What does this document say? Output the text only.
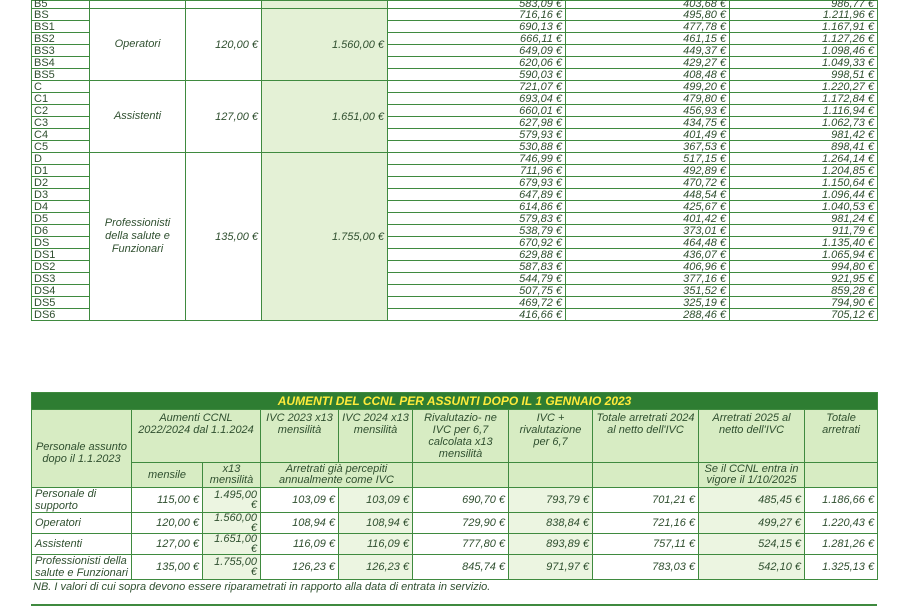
B5				583,09 €	403,68 €	986,77 €
BS	Operatori	120,00 €	1.560,00 €	716,16 €	495,80 €	1.211,96 €
BS1				690,13 €	477,78 €	1.167,91 €
BS2				666,11 €	461,15 €	1.127,26 €
BS3				649,09 €	449,37 €	1.098,46 €
BS4				620,06 €	429,27 €	1.049,33 €
BS5				590,03 €	408,48 €	998,51 €
C	Assistenti	127,00 €	1.651,00 €	721,07 €	499,20 €	1.220,27 €
C1				693,04 €	479,80 €	1.172,84 €
C2				660,01 €	456,93 €	1.116,94 €
C3				627,98 €	434,75 €	1.062,73 €
C4				579,93 €	401,49 €	981,42 €
C5				530,88 €	367,53 €	898,41 €
D	Professionisti della salute e Funzionari	135,00 €	1.755,00 €	746,99 €	517,15 €	1.264,14 €
D1				711,96 €	492,89 €	1.204,85 €
D2				679,93 €	470,72 €	1.150,64 €
D3				647,89 €	448,54 €	1.096,44 €
D4				614,86 €	425,67 €	1.040,53 €
D5				579,83 €	401,42 €	981,24 €
D6				538,79 €	373,01 €	911,79 €
DS				670,92 €	464,48 €	1.135,40 €
DS1				629,88 €	436,07 €	1.065,94 €
DS2				587,83 €	406,96 €	994,80 €
DS3				544,79 €	377,16 €	921,95 €
DS4				507,75 €	351,52 €	859,28 €
DS5				469,72 €	325,19 €	794,90 €
DS6				416,66 €	288,46 €	705,12 €
AUMENTI DEL CCNL PER ASSUNTI DOPO IL 1 GENNAIO 2023									
Personale assunto dopo il 1.1.2023	Aumenti CCNL 2022/2024 dal 1.1.2024		IVC 2023 x13 mensilità	IVC 2024 x13 mensilità	Rivalutazio- ne IVC per 6,7 calcolata x13 mensilità	IVC + rivalutazione per 6,7	Totale arretrati 2024 al netto dell'IVC	Arretrati 2025 al netto dell'IVC	Totale arretrati
	mensile	x13 mensilità	Arretrati già percepiti annualmente come IVC					Se il CCNL entra in vigore il 1/10/2025	
Personale di supporto	115,00 €	1.495,00 €	103,09 €	103,09 €	690,70 €	793,79 €	701,21 €	485,45 €	1.186,66 €
Operatori	120,00 €	1.560,00 €	108,94 €	108,94 €	729,90 €	838,84 €	721,16 €	499,27 €	1.220,43 €
Assistenti	127,00 €	1.651,00 €	116,09 €	116,09 €	777,80 €	893,89 €	757,11 €	524,15 €	1.281,26 €
Professionisti della salute e Funzionari	135,00 €	1.755,00 €	126,23 €	126,23 €	845,74 €	971,97 €	783,03 €	542,10 €	1.325,13 €
NB. I valori di cui sopra devono essere riparametrati in rapporto alla data di entrata in servizio.
